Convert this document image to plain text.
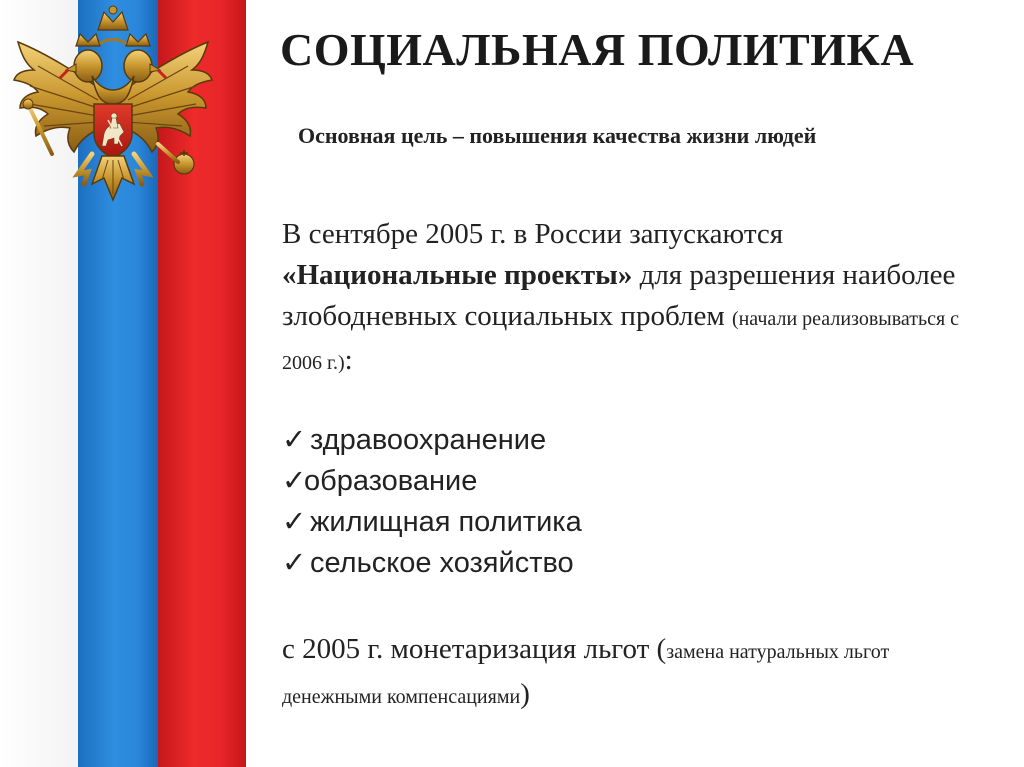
СОЦИАЛЬНАЯ ПОЛИТИКА
Основная цель – повышения качества жизни людей
В сентябре 2005 г. в России запускаются «Национальные проекты» для разрешения наиболее злободневных социальных проблем (начали реализовываться с 2006 г.):
✓ здравоохранение
✓образование
✓ жилищная политика
✓ сельское хозяйство
с 2005 г. монетаризация льгот (замена натуральных льгот денежными компенсациями)
